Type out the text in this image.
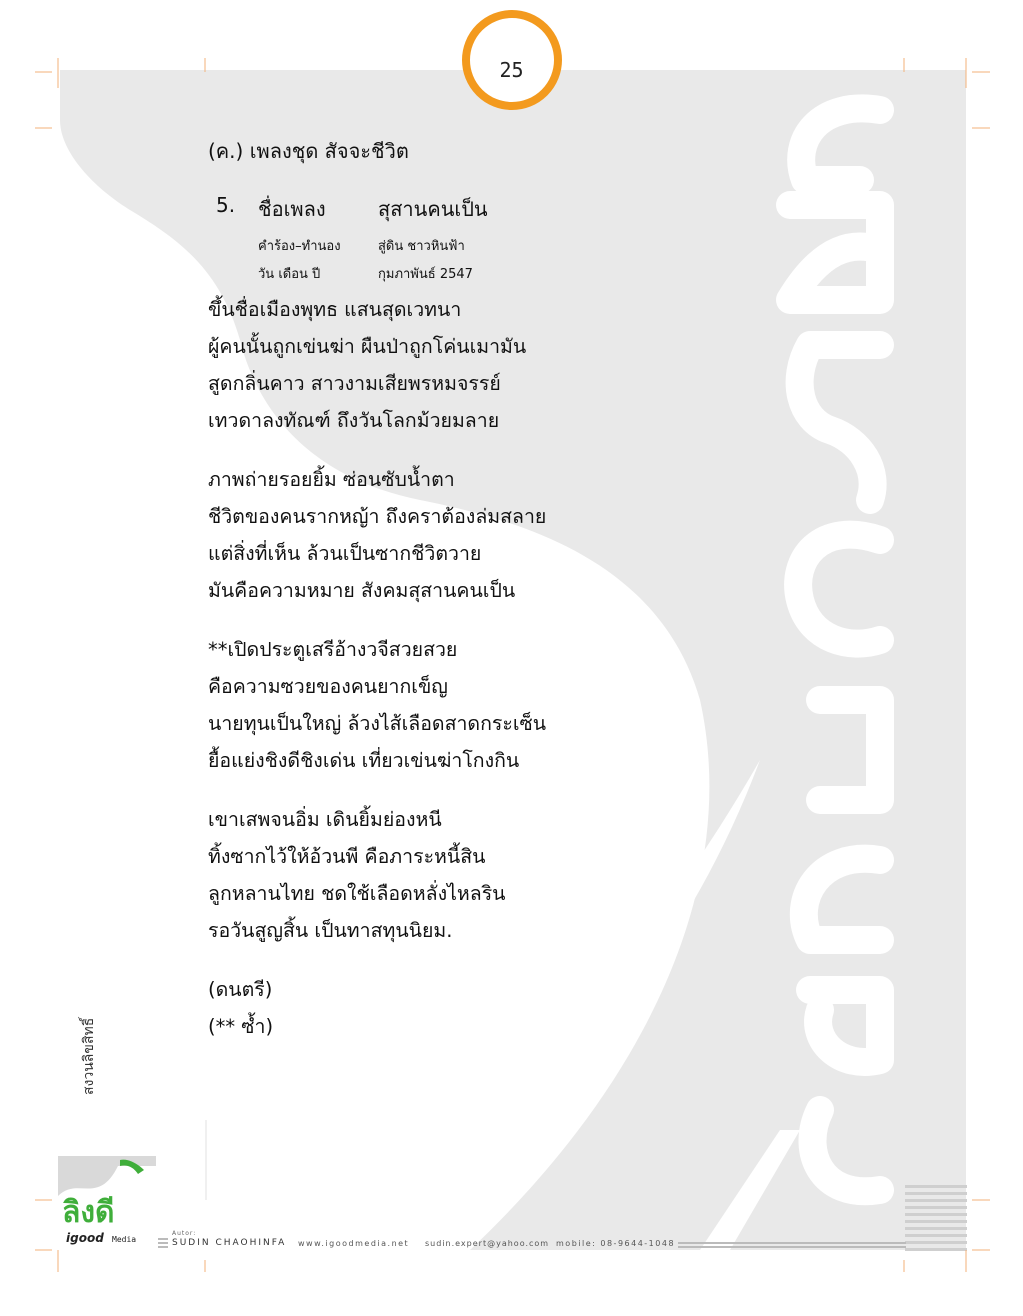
25
(ค.) เพลงชุด สัจจะชีวิต
5. ชื่อเพลง	สุสานคนเป็น
คำร้อง–ทำนอง	สู่ดิน ชาวหินฟ้า
วัน เดือน ปี	กุมภาพันธ์ 2547
ขึ้นชื่อเมืองพุทธ แสนสุดเวทนา
ผู้คนนั้นถูกเข่นฆ่า ผืนป่าถูกโค่นเมามัน
สูดกลิ่นคาว สาวงามเสียพรหมจรรย์
เทวดาลงทัณฑ์ ถึงวันโลกม้วยมลาย
ภาพถ่ายรอยยิ้ม ซ่อนซับน้ำตา
ชีวิตของคนรากหญ้า ถึงคราต้องล่มสลาย
แต่สิ่งที่เห็น ล้วนเป็นซากชีวิตวาย
มันคือความหมาย สังคมสุสานคนเป็น
**เปิดประตูเสรีอ้างวจีสวยสวย
คือความซวยของคนยากเข็ญ
นายทุนเป็นใหญ่ ล้วงไส้เลือดสาดกระเซ็น
ยื้อแย่งชิงดีชิงเด่น เที่ยวเข่นฆ่าโกงกิน
เขาเสพจนอิ่ม เดินยิ้มย่องหนี
ทิ้งซากไว้ให้อ้วนพี คือภาระหนี้สิน
ลูกหลานไทย ชดใช้เลือดหลั่งไหลริน
รอวันสูญสิ้น เป็นทาสทุนนิยม.
(ดนตรี)
(** ซ้ำ)
สงวนลิขสิทธิ์
ลิงดี
igood Media
Autor:
SUDIN CHAOHINFA www.igoodmedia.net sudin.expert@yahoo.com mobile: 08-9644-1048
